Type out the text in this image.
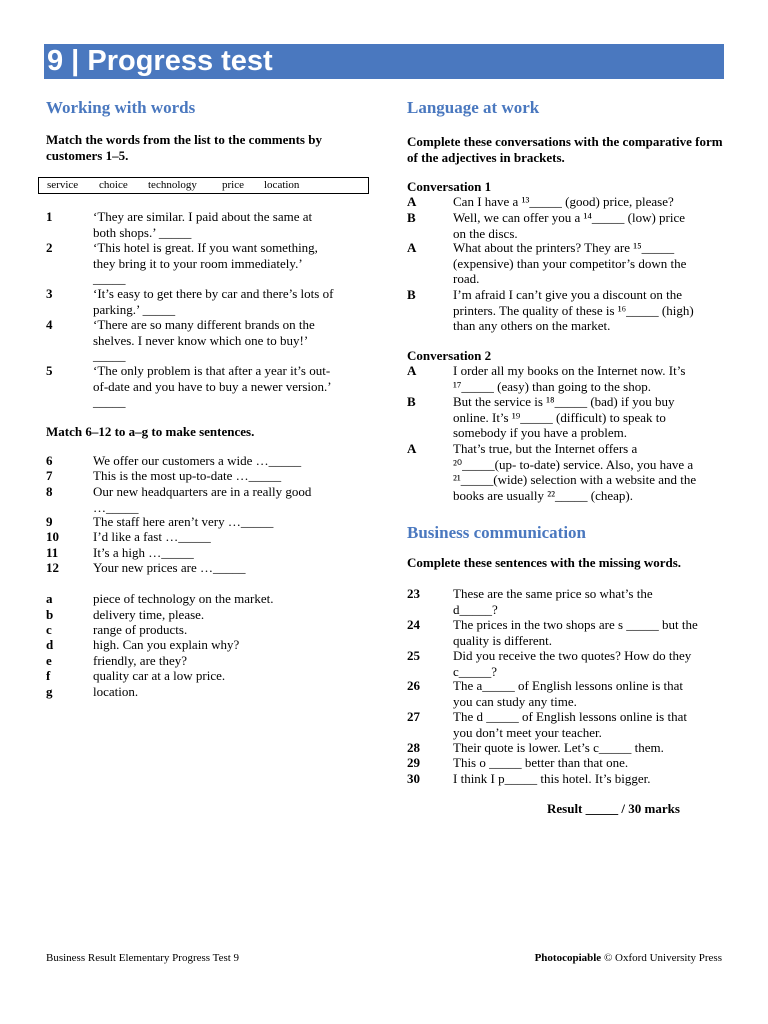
9 | Progress test
Working with words
Match the words from the list to the comments by customers 1–5.
service choice technology price location
1	‘They are similar. I paid about the same at
both shops.’ _____
2	‘This hotel is great. If you want something,
they bring it to your room immediately.’
_____
3	‘It’s easy to get there by car and there’s lots of
parking.’ _____
4	‘There are so many different brands on the
shelves. I never know which one to buy!’
_____
5	‘The only problem is that after a year it’s out-
of-date and you have to buy a newer version.’
_____
Match 6–12 to a–g to make sentences.
6	We offer our customers a wide …_____
7	This is the most up-to-date …_____
8	Our new headquarters are in a really good
…_____
9	The staff here aren’t very …_____
10	I’d like a fast …_____
11	It’s a high …_____
12	Your new prices are …_____
a	piece of technology on the market.
b	delivery time, please.
c	range of products.
d	high. Can you explain why?
e	friendly, are they?
f	quality car at a low price.
g	location.
Language at work
Complete these conversations with the comparative form of the adjectives in brackets.
Conversation 1
A	Can I have a ¹³_____ (good) price, please?
B	Well, we can offer you a ¹⁴_____ (low) price
on the discs.
A	What about the printers? They are ¹⁵_____
(expensive) than your competitor’s down the
road.
B	I’m afraid I can’t give you a discount on the
printers. The quality of these is ¹⁶_____ (high)
than any others on the market.
Conversation 2
A	I order all my books on the Internet now. It’s
¹⁷_____ (easy) than going to the shop.
B	But the service is ¹⁸_____ (bad) if you buy
online. It’s ¹⁹_____ (difficult) to speak to
somebody if you have a problem.
A	That’s true, but the Internet offers a
²⁰_____(up- to-date) service. Also, you have a
²¹_____(wide) selection with a website and the
books are usually ²²_____ (cheap).
Business communication
Complete these sentences with the missing words.
23	These are the same price so what’s the
d_____?
24	The prices in the two shops are s _____ but the
quality is different.
25	Did you receive the two quotes? How do they
c_____?
26	The a_____ of English lessons online is that
you can study any time.
27	The d _____ of English lessons online is that
you don’t meet your teacher.
28	Their quote is lower. Let’s c_____ them.
29	This o _____ better than that one.
30	I think I p_____ this hotel. It’s bigger.
Result _____ / 30 marks
Business Result Elementary Progress Test 9	Photocopiable © Oxford University Press
